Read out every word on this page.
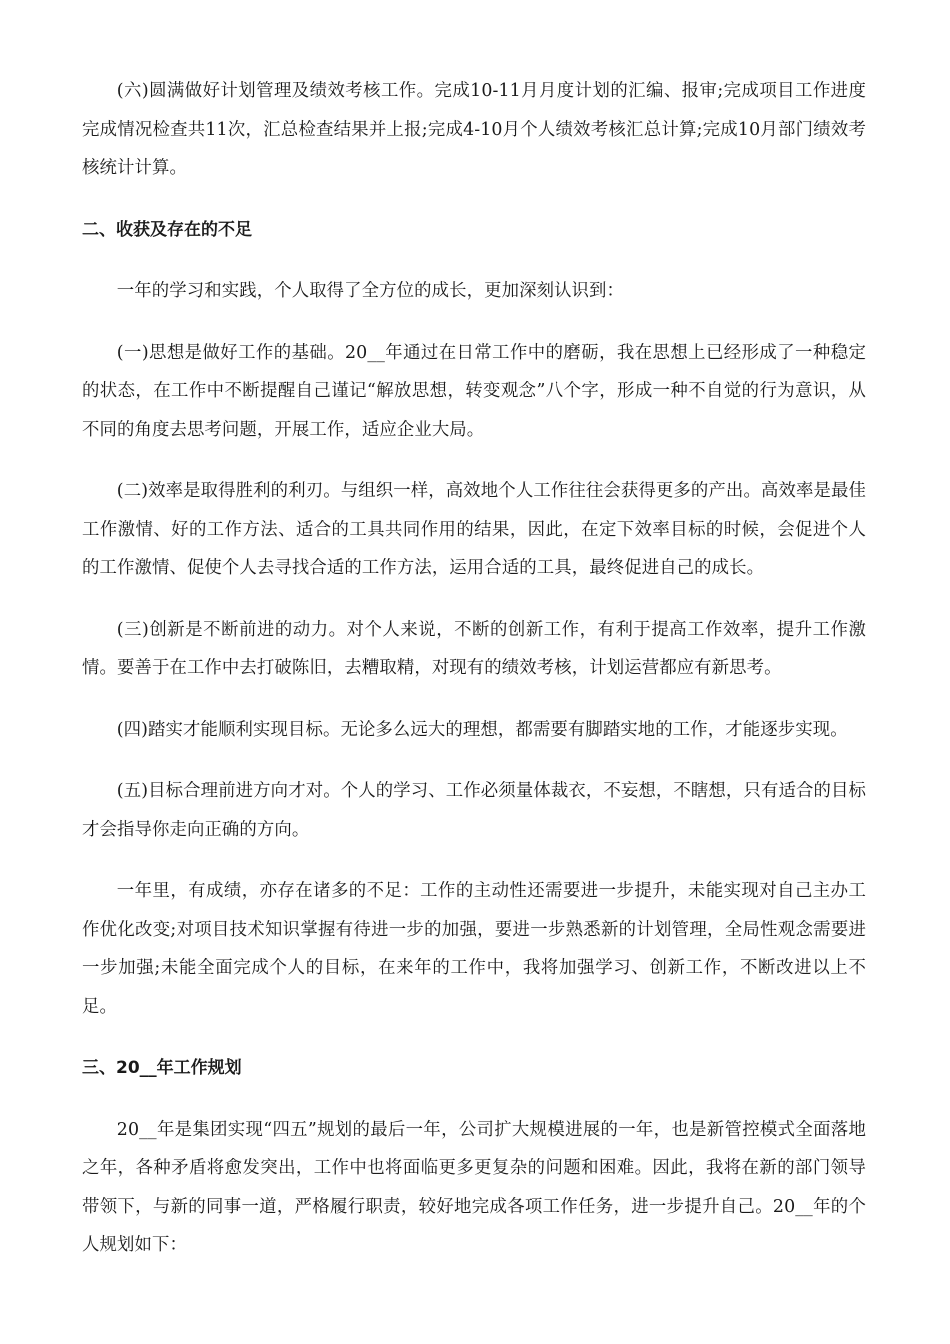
(六)圆满做好计划管理及绩效考核工作。完成10-11月月度计划的汇编、报审;完成项目工作进度完成情况检查共11次，汇总检查结果并上报;完成4-10月个人绩效考核汇总计算;完成10月部门绩效考核统计计算。

二、收获及存在的不足

一年的学习和实践，个人取得了全方位的成长，更加深刻认识到：

(一)思想是做好工作的基础。20__年通过在日常工作中的磨砺，我在思想上已经形成了一种稳定的状态，在工作中不断提醒自己谨记“解放思想，转变观念”八个字，形成一种不自觉的行为意识，从不同的角度去思考问题，开展工作，适应企业大局。

(二)效率是取得胜利的利刃。与组织一样，高效地个人工作往往会获得更多的产出。高效率是最佳工作激情、好的工作方法、适合的工具共同作用的结果，因此，在定下效率目标的时候，会促进个人的工作激情、促使个人去寻找合适的工作方法，运用合适的工具，最终促进自己的成长。

(三)创新是不断前进的动力。对个人来说，不断的创新工作，有利于提高工作效率，提升工作激情。要善于在工作中去打破陈旧，去糟取精，对现有的绩效考核，计划运营都应有新思考。

(四)踏实才能顺利实现目标。无论多么远大的理想，都需要有脚踏实地的工作，才能逐步实现。

(五)目标合理前进方向才对。个人的学习、工作必须量体裁衣，不妄想，不瞎想，只有适合的目标才会指导你走向正确的方向。

一年里，有成绩，亦存在诸多的不足：工作的主动性还需要进一步提升，未能实现对自己主办工作优化改变;对项目技术知识掌握有待进一步的加强，要进一步熟悉新的计划管理，全局性观念需要进一步加强;未能全面完成个人的目标，在来年的工作中，我将加强学习、创新工作，不断改进以上不足。

三、20__年工作规划

20__年是集团实现“四五”规划的最后一年，公司扩大规模进展的一年，也是新管控模式全面落地之年，各种矛盾将愈发突出，工作中也将面临更多更复杂的问题和困难。因此，我将在新的部门领导带领下，与新的同事一道，严格履行职责，较好地完成各项工作任务，进一步提升自己。20__年的个人规划如下：
